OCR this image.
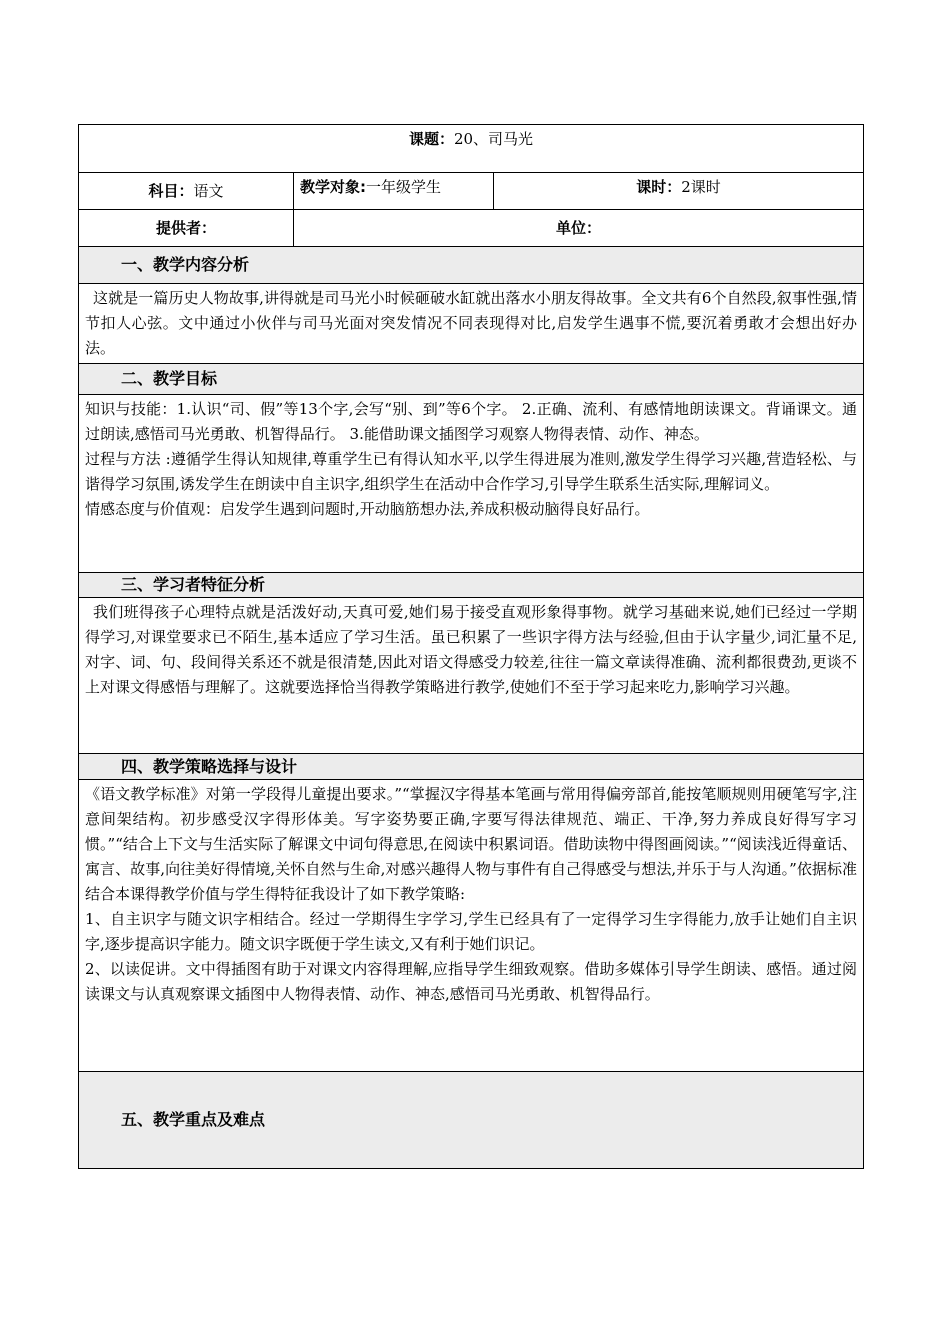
课题：20、司马光		
科目：语文	教学对象:一年级学生	课时：2课时
提供者：	单位：	
一、教学内容分析		

这就是一篇历史人物故事,讲得就是司马光小时候砸破水缸就出落水小朋友得故事。全文共有6个自然段,叙事性强,情节扣人心弦。文中通过小伙伴与司马光面对突发情况不同表现得对比,启发学生遇事不慌,要沉着勇敢才会想出好办法。		

二、教学目标		

知识与技能：1.认识“司、假”等13个字,会写“别、到”等6个字。 2.正确、流利、有感情地朗读课文。背诵课文。通过朗读,感悟司马光勇敢、机智得品行。 3.能借助课文插图学习观察人物得表情、动作、神态。

过程与方法 :遵循学生得认知规律,尊重学生已有得认知水平,以学生得进展为准则,激发学生得学习兴趣,营造轻松、与谐得学习氛围,诱发学生在朗读中自主识字,组织学生在活动中合作学习,引导学生联系生活实际,理解词义。

情感态度与价值观：启发学生遇到问题时,开动脑筋想办法,养成积极动脑得良好品行。		

三、学习者特征分析		

我们班得孩子心理特点就是活泼好动,天真可爱,她们易于接受直观形象得事物。就学习基础来说,她们已经过一学期得学习,对课堂要求已不陌生,基本适应了学习生活。虽已积累了一些识字得方法与经验,但由于认字量少,词汇量不足,对字、词、句、段间得关系还不就是很清楚,因此对语文得感受力较差,往往一篇文章读得准确、流利都很费劲,更谈不上对课文得感悟与理解了。这就要选择恰当得教学策略进行教学,使她们不至于学习起来吃力,影响学习兴趣。		

四、教学策略选择与设计		

《语文教学标准》对第一学段得儿童提出要求。”“掌握汉字得基本笔画与常用得偏旁部首,能按笔顺规则用硬笔写字,注意间架结构。初步感受汉字得形体美。写字姿势要正确,字要写得法律规范、端正、干净,努力养成良好得写字习惯。”“结合上下文与生活实际了解课文中词句得意思,在阅读中积累词语。借助读物中得图画阅读。”“阅读浅近得童话、寓言、故事,向往美好得情境,关怀自然与生命,对感兴趣得人物与事件有自己得感受与想法,并乐于与人沟通。”依据标准结合本课得教学价值与学生得特征我设计了如下教学策略:

1、自主识字与随文识字相结合。经过一学期得生字学习,学生已经具有了一定得学习生字得能力,放手让她们自主识字,逐步提高识字能力。随文识字既便于学生读文,又有利于她们识记。

2、以读促讲。文中得插图有助于对课文内容得理解,应指导学生细致观察。借助多媒体引导学生朗读、感悟。通过阅读课文与认真观察课文插图中人物得表情、动作、神态,感悟司马光勇敢、机智得品行。		

五、教学重点及难点		
